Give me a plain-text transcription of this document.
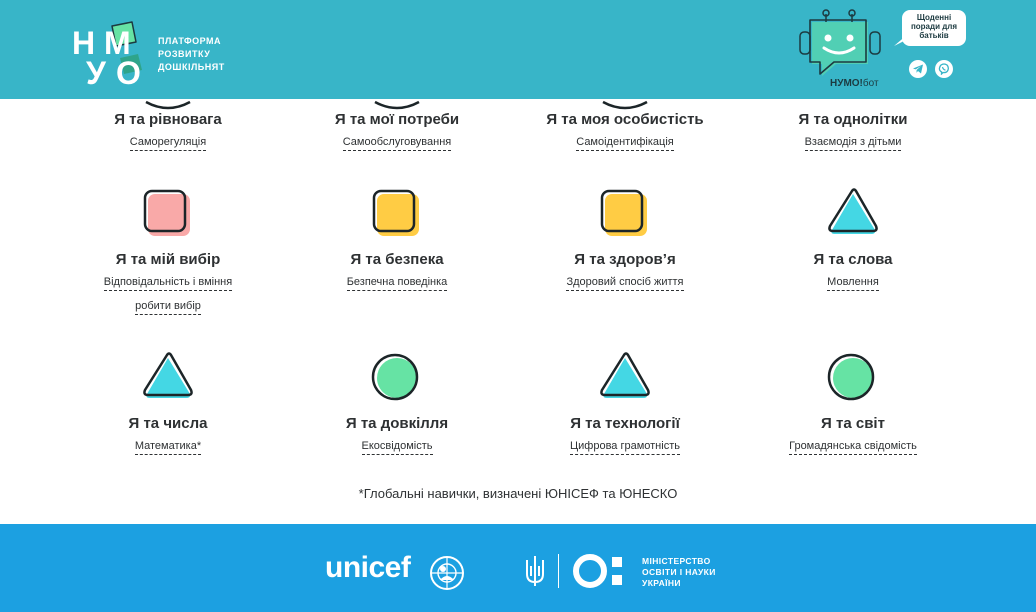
Н М
У О
ПЛАТФОРМА
РОЗВИТКУ
ДОШКІЛЬНЯТ
НУМО!бот
Щоденні
поради для
батьків
Я та рівновага
Саморегуляція
Я та мої потреби
Самообслуговування
Я та моя особистість
Самоідентифікація
Я та однолітки
Взаємодія з дітьми
Я та мій вибір
Відповідальність і вміння
робити вибір
Я та безпека
Безпечна поведінка
Я та здоров’я
Здоровий спосіб життя
Я та слова
Мовлення
Я та числа
Математика*
Я та довкілля
Екосвідомість
Я та технології
Цифрова грамотність
Я та світ
Громадянська свідомість
*Глобальні навички, визначені ЮНІСЕФ та ЮНЕСКО
unicef	МІНІСТЕРСТВО
ОСВІТИ І НАУКИ
УКРАЇНИ
